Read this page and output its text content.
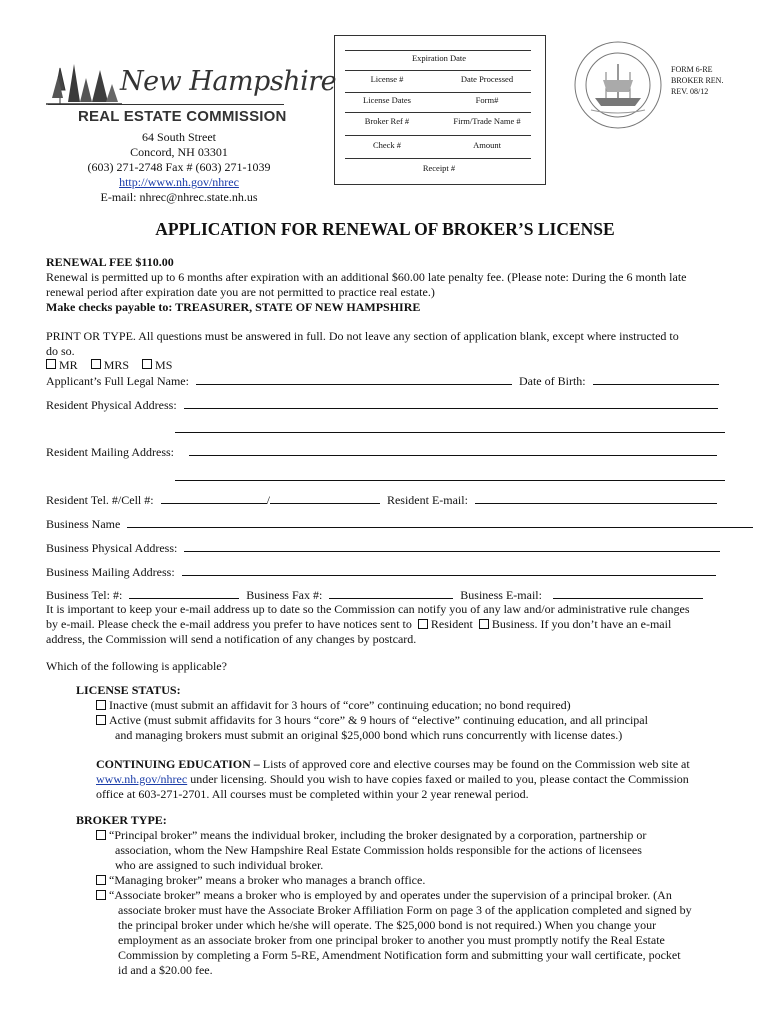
New Hampshire
REAL ESTATE COMMISSION
64 South Street
Concord, NH 03301
(603) 271-2748 Fax # (603) 271-1039
http://www.nh.gov/nhrec
E-mail: nhrec@nhrec.state.nh.us
Expiration Date
License #	Date Processed
License Dates	Form#
Broker Ref #	Firm/Trade Name #
Check #	Amount
Receipt #
FORM 6-RE
BROKER REN.
REV. 08/12
APPLICATION FOR RENEWAL OF BROKER’S LICENSE
RENEWAL FEE $110.00
Renewal is permitted up to 6 months after expiration with an additional $60.00 late penalty fee. (Please note: During the 6 month late
renewal period after expiration date you are not permitted to practice real estate.)
Make checks payable to: TREASURER, STATE OF NEW HAMPSHIRE
PRINT OR TYPE. All questions must be answered in full. Do not leave any section of application blank, except where instructed to
do so.
MR MRS MS
Applicant’s Full Legal Name:	Date of Birth:
Resident Physical Address:
Resident Mailing Address:
Resident Tel. #/Cell #:	/	Resident E-mail:
Business Name
Business Physical Address:
Business Mailing Address:
Business Tel: #:	Business Fax #:	Business E-mail:
It is important to keep your e-mail address up to date so the Commission can notify you of any law and/or administrative rule changes
by e-mail. Please check the e-mail address you prefer to have notices sent to Resident Business. If you don’t have an e-mail
address, the Commission will send a notification of any changes by postcard.
Which of the following is applicable?
LICENSE STATUS:
Inactive (must submit an affidavit for 3 hours of “core” continuing education; no bond required)
Active (must submit affidavits for 3 hours “core” & 9 hours of “elective” continuing education, and all principal
and managing brokers must submit an original $25,000 bond which runs concurrently with license dates.)
CONTINUING EDUCATION – Lists of approved core and elective courses may be found on the Commission web site at
www.nh.gov/nhrec under licensing. Should you wish to have copies faxed or mailed to you, please contact the Commission
office at 603-271-2701. All courses must be completed within your 2 year renewal period.
BROKER TYPE:
“Principal broker” means the individual broker, including the broker designated by a corporation, partnership or
association, whom the New Hampshire Real Estate Commission holds responsible for the actions of licensees
who are assigned to such individual broker.
“Managing broker” means a broker who manages a branch office.
“Associate broker” means a broker who is employed by and operates under the supervision of a principal broker. (An
associate broker must have the Associate Broker Affiliation Form on page 3 of the application completed and signed by
the principal broker under which he/she will operate. The $25,000 bond is not required.) When you change your
employment as an associate broker from one principal broker to another you must promptly notify the Real Estate
Commission by completing a Form 5-RE, Amendment Notification form and submitting your wall certificate, pocket
id and a $20.00 fee.
